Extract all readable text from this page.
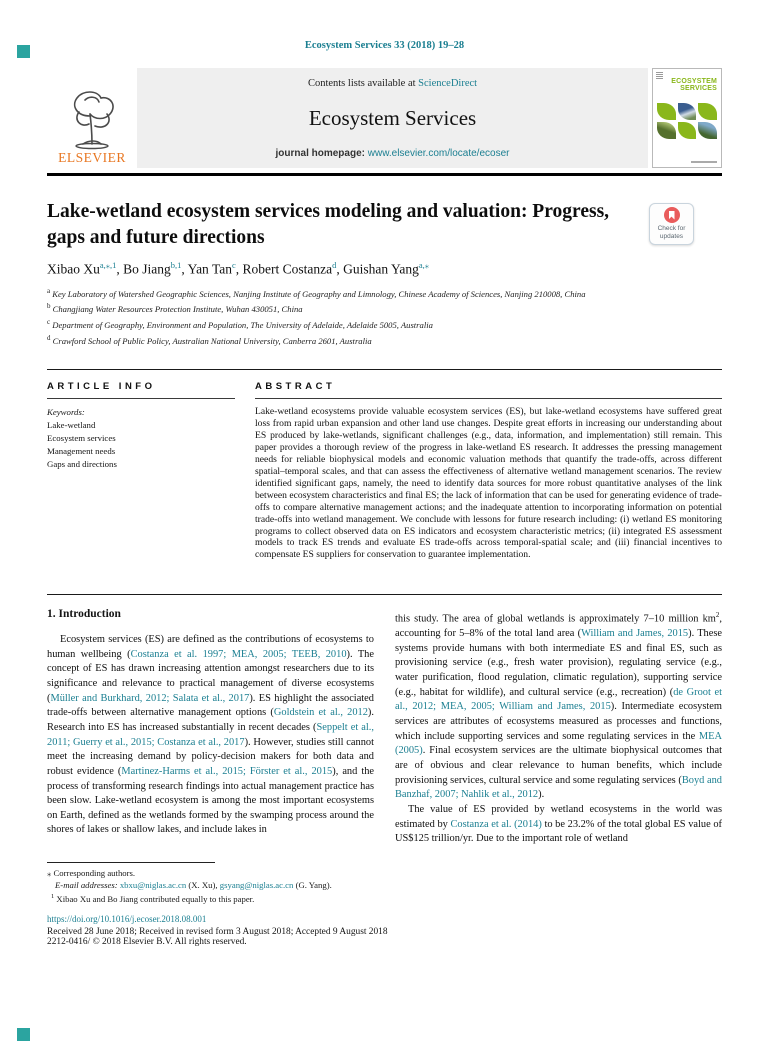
Ecosystem Services 33 (2018) 19–28
ELSEVIER
Contents lists available at ScienceDirect
Ecosystem Services
journal homepage: www.elsevier.com/locate/ecoser
ECOSYSTEM
SERVICES
Lake-wetland ecosystem services modeling and valuation: Progress, gaps and future directions	Check for
updates
Xibao Xu$^{a,⁎,1}$, Bo Jiang$^{b,1}$, Yan Tan$^c$, Robert Costanza$^d$, Guishan Yang$^{a,⁎}$
$^a$ Key Laboratory of Watershed Geographic Sciences, Nanjing Institute of Geography and Limnology, Chinese Academy of Sciences, Nanjing 210008, China
$^b$ Changjiang Water Resources Protection Institute, Wuhan 430051, China
$^c$ Department of Geography, Environment and Population, The University of Adelaide, Adelaide 5005, Australia
$^d$ Crawford School of Public Policy, Australian National University, Canberra 2601, Australia
ARTICLE INFO
Keywords:
Lake-wetland
Ecosystem services
Management needs
Gaps and directions
ABSTRACT
Lake-wetland ecosystems provide valuable ecosystem services (ES), but lake-wetland ecosystems have suffered great loss from rapid urban expansion and other land use changes. Despite great efforts in increasing our understanding about ES produced by lake-wetlands, significant challenges (e.g., data, information, and implementation) still remain. This paper provides a thorough review of the progress in lake-wetland ES research. It addresses the pressing management needs for reliable biophysical models and economic valuation methods that quantify the trade-offs, across different spatial–temporal scales, and that can assess the effectiveness of alternative wetland management scenarios. The review identified significant gaps, namely, the need to identify data sources for more robust quantitative analyses of the link between ecosystem characteristics and final ES; the lack of information that can be used for generating evidence of trade-offs to compare alternative management actions; and the inadequate attention to incorporating information on potential trade-offs into wetland management. We conclude with lessons for future research including: (i) wetland ES monitoring programs to collect observed data on ES indicators and ecosystem characteristic metrics; (ii) integrated ES assessment models to track ES trends and evaluate ES trade-offs across temporal-spatial scale; and (iii) financial incentives to compensate ES suppliers for conservation to guarantee implementation.
1. Introduction
Ecosystem services (ES) are defined as the contributions of ecosystems to human wellbeing (Costanza et al. 1997; MEA, 2005; TEEB, 2010). The concept of ES has drawn increasing attention amongst researchers due to its significance and relevance to practical management of diverse ecosystems (Müller and Burkhard, 2012; Salata et al., 2017). ES highlight the associated trade-offs between alternative management options (Goldstein et al., 2012). Research into ES has increased substantially in recent decades (Seppelt et al., 2011; Guerry et al., 2015; Costanza et al., 2017). However, studies still cannot meet the increasing demand by policy-decision makers for both data and robust evidence (Martinez-Harms et al., 2015; Förster et al., 2015), and the process of transforming research findings into actual management practice has been slow. Lake-wetland ecosystem is among the most important ecosystems on Earth, defined as the wetlands formed by the swamping process around the shores of lakes or shallow lakes, and include lakes in
this study. The area of global wetlands is approximately 7–10 million $km^2$, accounting for 5–8% of the total land area (William and James, 2015). These systems provide humans with both intermediate ES and final ES, such as provisioning service (e.g., fresh water provision), regulating service (e.g., water purification, flood regulation, climatic regulation), supporting service (e.g., habitat for wildlife), and cultural service (e.g., recreation) (de Groot et al., 2012; MEA, 2005; William and James, 2015). Intermediate ecosystem services are attributes of ecosystems measured as processes and functions, which include supporting services and some regulating services in the MEA (2005). Final ecosystem services are the ultimate biophysical outcomes that are of obvious and clear relevance to human benefits, which include provisioning services, cultural service and some regulating services (Boyd and Banzhaf, 2007; Nahlik et al., 2012).
The value of ES provided by wetland ecosystems in the world was estimated by Costanza et al. (2014) to be 23.2% of the total global ES value of US$125 trillion/yr. Due to the important role of wetland
⁎ Corresponding authors.
E-mail addresses: xbxu@niglas.ac.cn (X. Xu), gsyang@niglas.ac.cn (G. Yang).
$^1$ Xibao Xu and Bo Jiang contributed equally to this paper.
https://doi.org/10.1016/j.ecoser.2018.08.001
Received 28 June 2018; Received in revised form 3 August 2018; Accepted 9 August 2018
2212-0416/ © 2018 Elsevier B.V. All rights reserved.
